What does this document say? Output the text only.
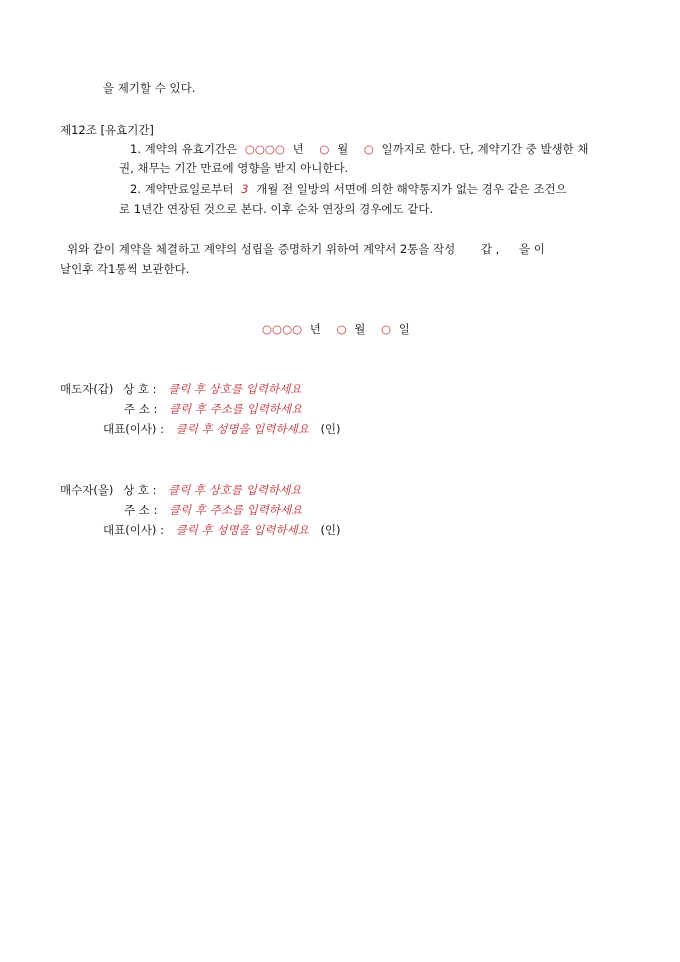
을 제기할 수 있다.
제12조 [유효기간]
1. 계약의 유효기간은 ○○○○ 년 ○ 월 ○ 일까지로 한다. 단, 계약기간 중 발생한 채
권, 채무는 기간 만료에 영향을 받지 아니한다.
2. 계약만료일로부터 3 개월 전 일방의 서면에 의한 해약통지가 없는 경우 같은 조건으
로 1년간 연장된 것으로 본다. 이후 순차 연장의 경우에도 같다.
위와 같이 계약을 체결하고 계약의 성립을 증명하기 위하여 계약서 2통을 작성 갑 , 을 이
날인후 각1통씩 보관한다.
○○○○ 년 ○ 월 ○ 일
매도자(갑) 상 호 : 클릭 후 상호를 입력하세요
주 소 : 클릭 후 주소를 입력하세요
대표(이사) : 클릭 후 성명을 입력하세요 (인)
매수자(을) 상 호 : 클릭 후 상호를 입력하세요
주 소 : 클릭 후 주소를 입력하세요
대표(이사) : 클릭 후 성명을 입력하세요 (인)
